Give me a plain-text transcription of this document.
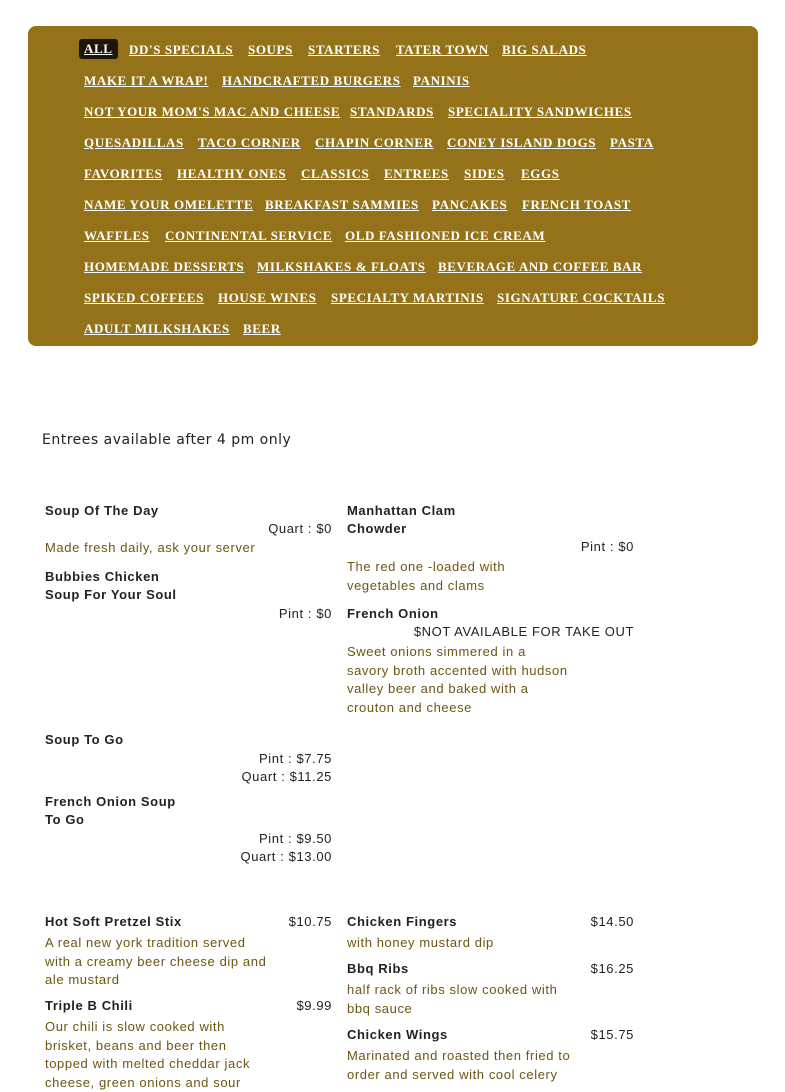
ALL	DD'S SPECIALS SOUPS STARTERS TATER TOWN BIG SALADS
MAKE IT A WRAP! HANDCRAFTED BURGERS PANINIS
NOT YOUR MOM'S MAC AND CHEESE STANDARDS SPECIALITY SANDWICHES
QUESADILLAS TACO CORNER CHAPIN CORNER CONEY ISLAND DOGS PASTA
FAVORITES HEALTHY ONES CLASSICS ENTREES SIDES EGGS
NAME YOUR OMELETTE BREAKFAST SAMMIES PANCAKES FRENCH TOAST
WAFFLES CONTINENTAL SERVICE OLD FASHIONED ICE CREAM
HOMEMADE DESSERTS MILKSHAKES & FLOATS BEVERAGE AND COFFEE BAR
SPIKED COFFEES HOUSE WINES SPECIALTY MARTINIS SIGNATURE COCKTAILS
ADULT MILKSHAKES BEER
Entrees available after 4 pm only
Soup Of The Day
Quart : $0
Made fresh daily, ask your server
Bubbies Chicken
Soup For Your Soul
Pint : $0
Soup To Go
Pint : $7.75
Quart : $11.25
French Onion Soup
To Go
Pint : $9.50
Quart : $13.00
Manhattan Clam
Chowder
Pint : $0
The red one -loaded with
vegetables and clams
French Onion
$NOT AVAILABLE FOR TAKE OUT
Sweet onions simmered in a
savory broth accented with hudson
valley beer and baked with a
crouton and cheese
Hot Soft Pretzel Stix	$10.75
A real new york tradition served
with a creamy beer cheese dip and
ale mustard
Triple B Chili	$9.99
Our chili is slow cooked with
brisket, beans and beer then
topped with melted cheddar jack
cheese, green onions and sour
Chicken Fingers	$14.50
with honey mustard dip
Bbq Ribs	$16.25
half rack of ribs slow cooked with
bbq sauce
Chicken Wings	$15.75
Marinated and roasted then fried to
order and served with cool celery
